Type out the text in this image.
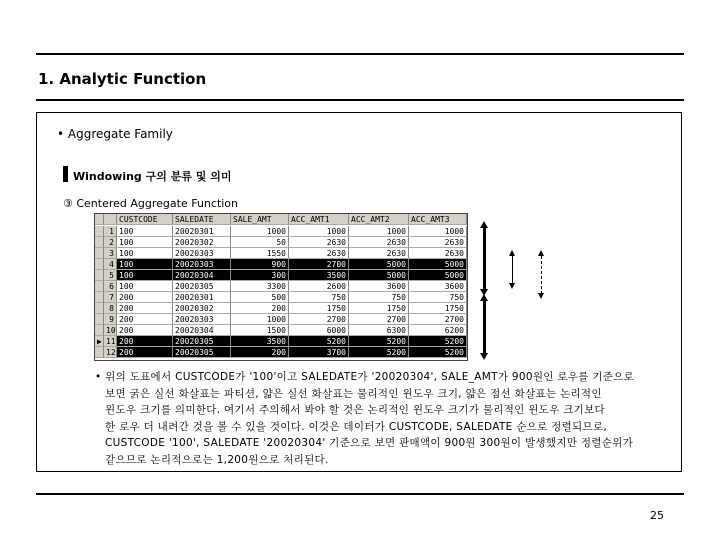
1. Analytic Function
• Aggregate Family
Windowing 구의 분류 및 의미
③ Centered Aggregate Function
CUSTCODE	SALEDATE	SALE_AMT	ACC_AMT1	ACC_AMT2	ACC_AMT3
1 100	20020301	1000	1000	1000	1000
2 100	20020302	50	2630	2630	2630
3 100	20020303	1550	2630	2630	2630
4 100	20020303	900	2700	5000	5000
5 100	20020304	300	3500	5000	5000
6 100	20020305	3300	2600	3600	3600
7 200	20020301	500	750	750	750
8 200	20020302	200	1750	1750	1750
9 200	20020303	1000	2700	2700	2700
10 200	20020304	1500	6000	6300	6200
▶ 11 200	20020305	3500	5200	5200	5200
12 200	20020305	200	3700	5200	5200
• 위의 도표에서 CUSTCODE가 '100'이고 SALEDATE가 '20020304', SALE_AMT가 900원인 로우를 기준으로
보면 굵은 실선 화살표는 파티션, 얇은 실선 화살표는 물리적인 윈도우 크기, 얇은 점선 화살표는 논리적인
윈도우 크기를 의미한다. 여기서 주의해서 봐야 할 것은 논리적인 윈도우 크기가 물리적인 윈도우 크기보다
한 로우 더 내려간 것을 볼 수 있을 것이다. 이것은 데이터가 CUSTCODE, SALEDATE 순으로 정렬되므로,
CUSTCODE '100', SALEDATE '20020304' 기준으로 보면 판매액이 900원 300원이 발생했지만 정렬순위가
같으므로 논리적으로는 1,200원으로 처리된다.
25
